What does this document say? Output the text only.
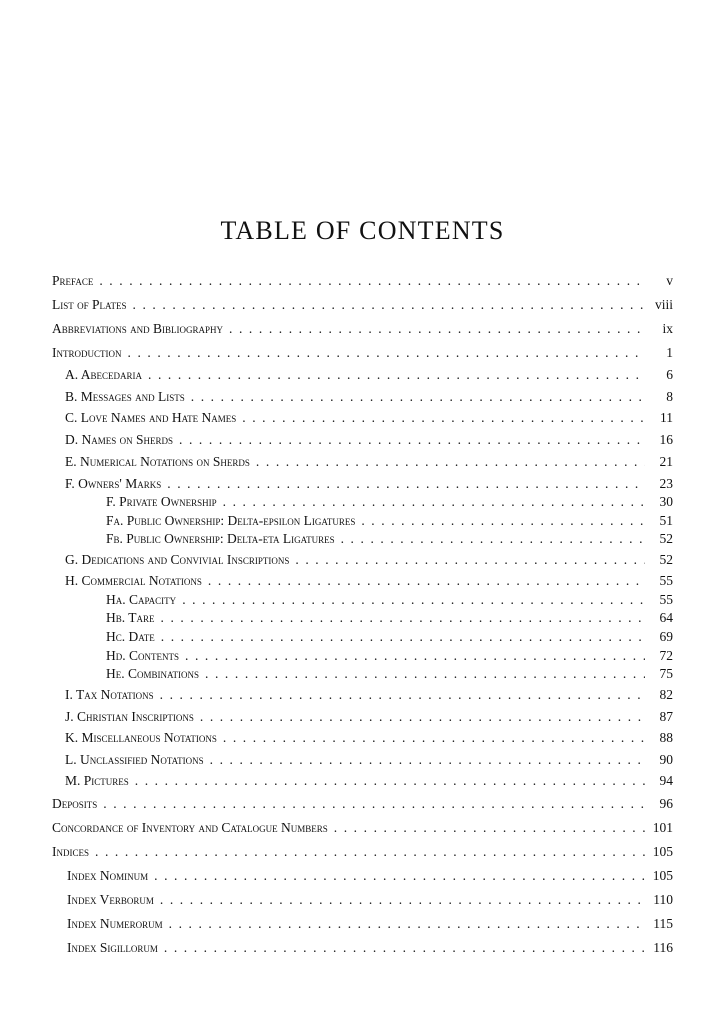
TABLE OF CONTENTS
Preface . . .	v
List of Plates . . .	viii
Abbreviations and Bibliography . . .	ix
Introduction . . .	1
A. Abecedaria . . .	6
B. Messages and Lists . . .	8
C. Love Names and Hate Names . . .	11
D. Names on Sherds . . .	16
E. Numerical Notations on Sherds . . .	21
F. Owners' Marks . . .	23
F. Private Ownership . . .	30
Fa. Public Ownership: Delta-epsilon Ligatures . . .	51
Fb. Public Ownership: Delta-eta Ligatures . . .	52
G. Dedications and Convivial Inscriptions . . .	52
H. Commercial Notations . . .	55
Ha. Capacity . . .	55
Hb. Tare . . .	64
Hc. Date . . .	69
Hd. Contents . . .	72
He. Combinations . . .	75
I. Tax Notations . . .	82
J. Christian Inscriptions . . .	87
K. Miscellaneous Notations . . .	88
L. Unclassified Notations . . .	90
M. Pictures . . .	94
Deposits . . .	96
Concordance of Inventory and Catalogue Numbers . . .	101
Indices . . .	105
Index Nominum . . .	105
Index Verborum . . .	110
Index Numerorum . . .	115
Index Sigillorum . . .	116
